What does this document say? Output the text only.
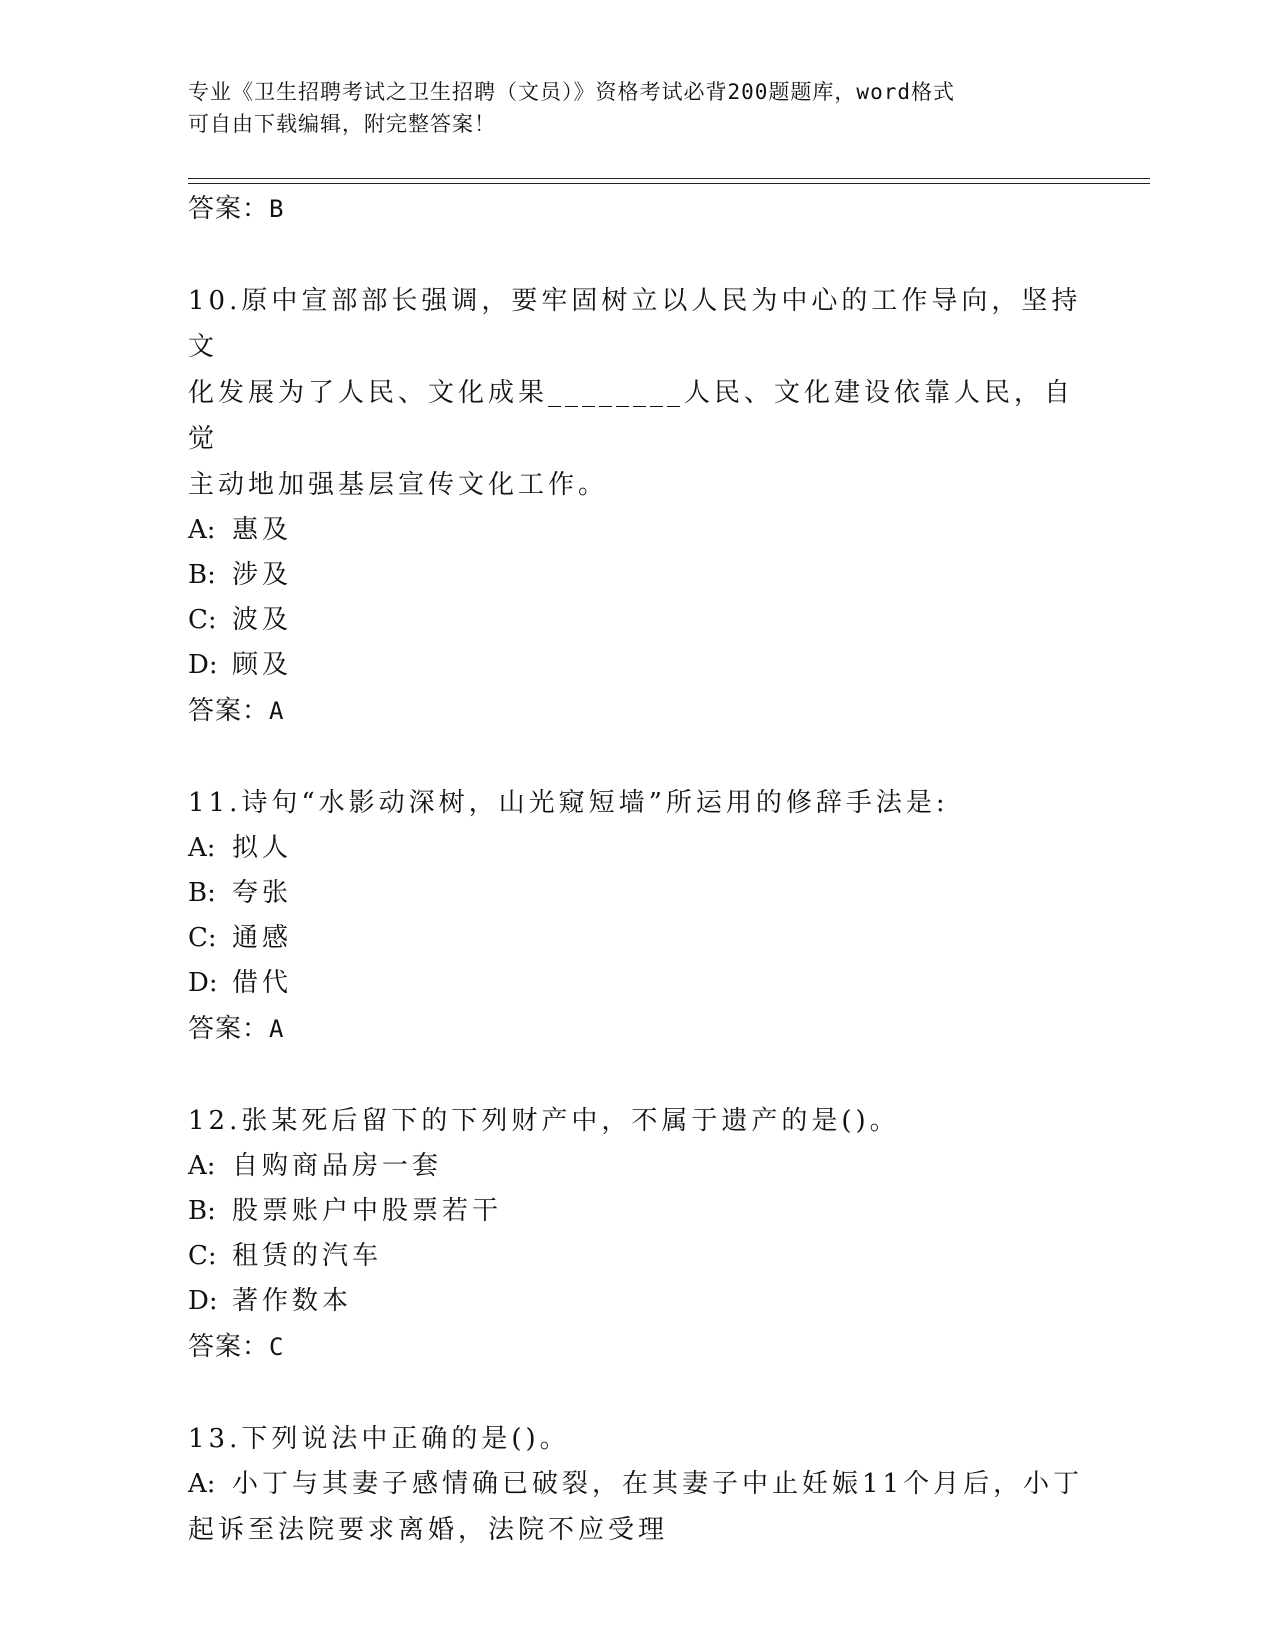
专业《卫生招聘考试之卫生招聘（文员）》资格考试必背200题题库，word格式
可自由下载编辑，附完整答案！
答案：B

10.原中宣部部长强调，要牢固树立以人民为中心的工作导向，坚持文

化发展为了人民、文化成果________人民、文化建设依靠人民，自觉

主动地加强基层宣传文化工作。

A: 惠及
B: 涉及
C: 波及
D: 顾及
答案：A

11.诗句“水影动深树，山光窥短墙”所运用的修辞手法是:

A: 拟人
B: 夸张
C: 通感
D: 借代
答案：A

12.张某死后留下的下列财产中，不属于遗产的是()。

A: 自购商品房一套
B: 股票账户中股票若干
C: 租赁的汽车
D: 著作数本
答案：C

13.下列说法中正确的是()。

A: 小丁与其妻子感情确已破裂，在其妻子中止妊娠11个月后，小丁

起诉至法院要求离婚，法院不应受理
